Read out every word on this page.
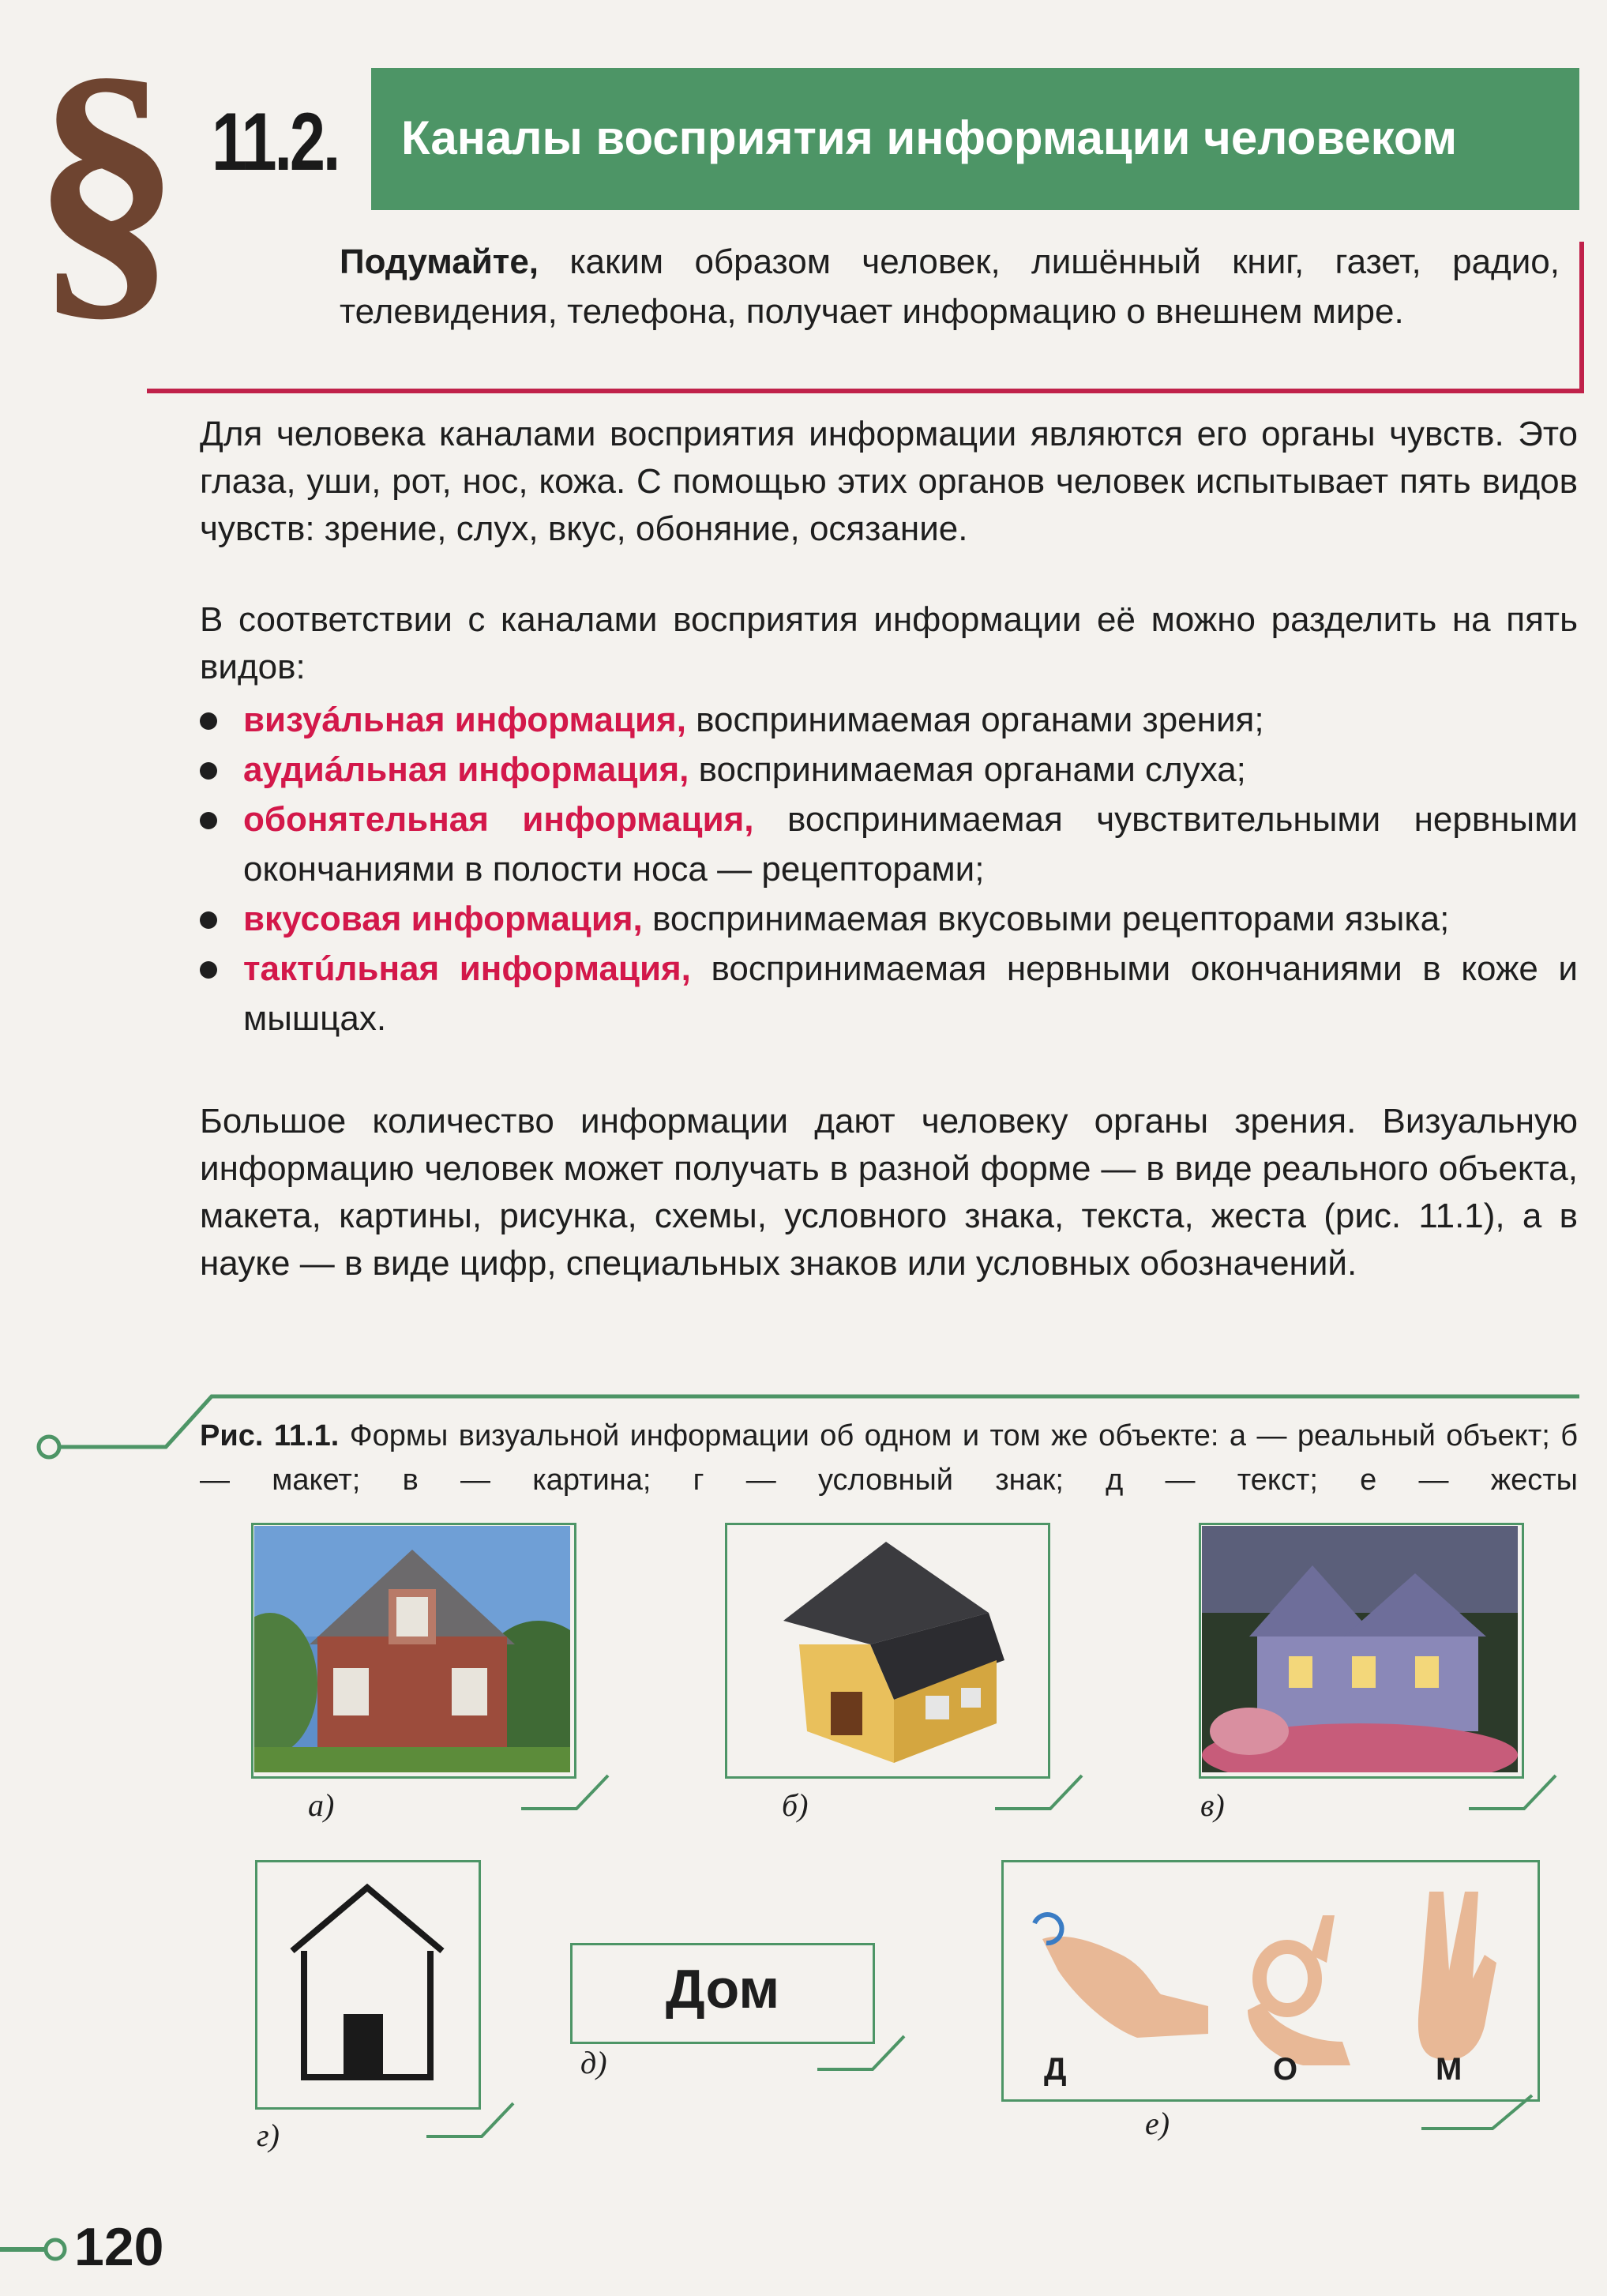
§ 11.2. Каналы восприятия информации человеком
Подумайте, каким образом человек, лишённый книг, газет, радио, телевидения, телефона, получает информацию о внешнем мире.
Для человека каналами восприятия информации являются его органы чувств. Это глаза, уши, рот, нос, кожа. С помощью этих органов человек испытывает пять видов чувств: зрение, слух, вкус, обоняние, осязание.
В соответствии с каналами восприятия информации её можно разделить на пять видов:
визуáльная информация, воспринимаемая органами зрения;
аудиáльная информация, воспринимаемая органами слуха;
обонятельная информация, воспринимаемая чувствительными нервными окончаниями в полости носа — рецепторами;
вкусовая информация, воспринимаемая вкусовыми рецепторами языка;
тактúльная информация, воспринимаемая нервными окончаниями в коже и мышцах.
Большое количество информации дают человеку органы зрения. Визуальную информацию человек может получать в разной форме — в виде реального объекта, макета, картины, рисунка, схемы, условного знака, текста, жеста (рис. 11.1), а в науке — в виде цифр, специальных знаков или условных обозначений.
Рис. 11.1. Формы визуальной информации об одном и том же объекте: а — реальный объект; б — макет; в — картина; г — условный знак; д — текст; е — жесты
а)	б)	в)
г)
Дом
д)	Д	О	М
е)
120
